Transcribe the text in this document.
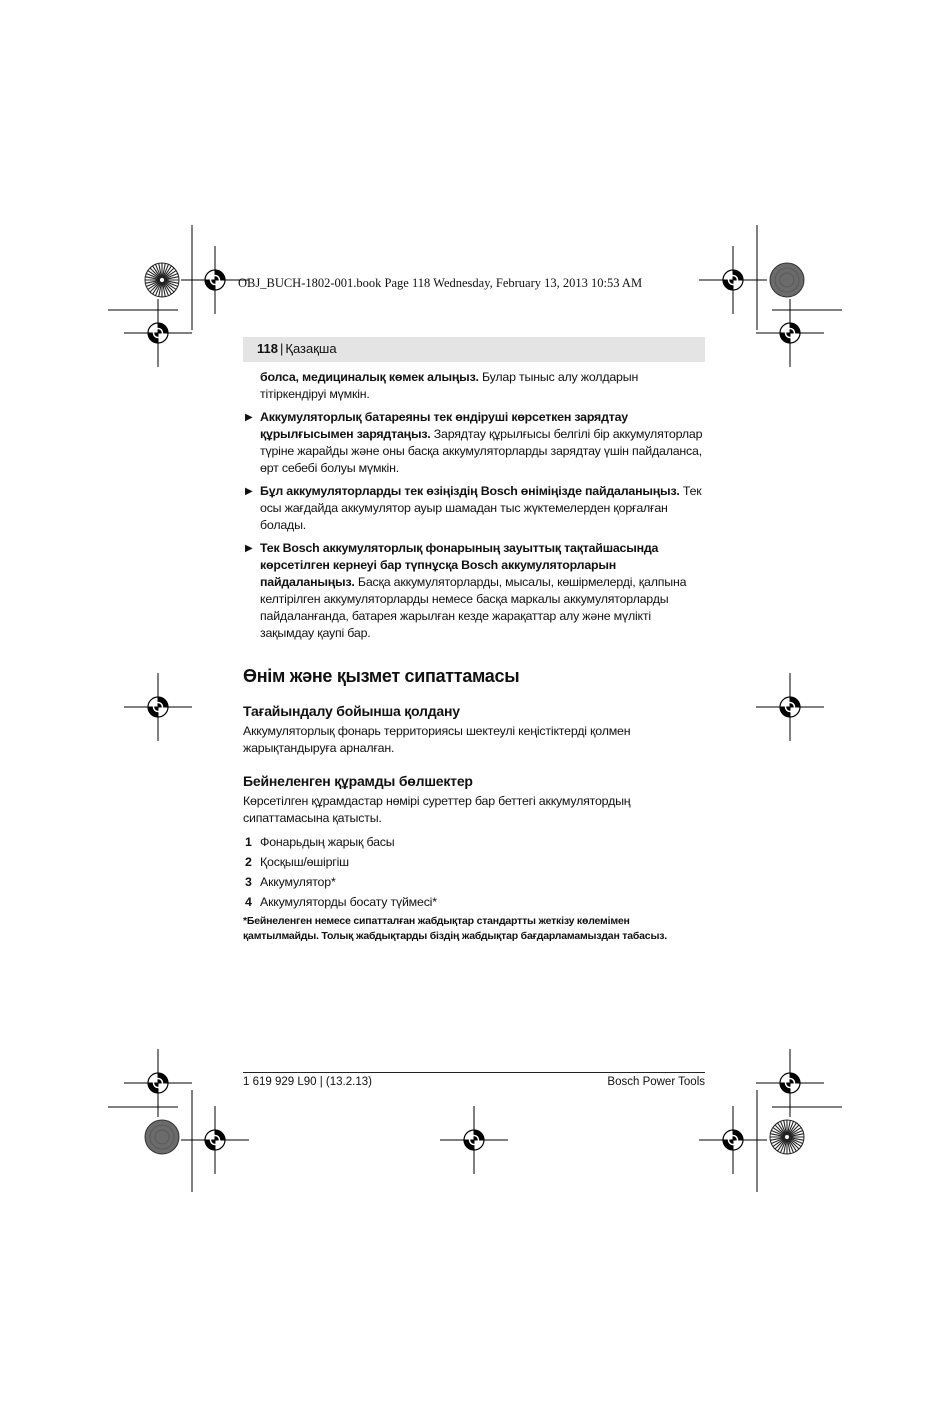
OBJ_BUCH-1802-001.book Page 118 Wednesday, February 13, 2013 10:53 AM
118 | Қазақша

болса, медициналық көмек алыңыз. Булар тыныс алу жолдарын тітіркендіруі мүмкін.

▶ Аккумуляторлық батареяны тек өндіруші көрсеткен зарядтау құрылғысымен зарядтаңыз. Зарядтау құрылғысы белгілі бір аккумуляторлар түріне жарайды және оны басқа аккумуляторларды зарядтау үшін пайдаланса, өрт себебі болуы мүмкін.

▶ Бұл аккумуляторларды тек өзіңіздің Bosch өніміңізде пайдаланыңыз. Тек осы жағдайда аккумулятор ауыр шамадан тыс жүктемелерден қорғалған болады.

▶ Тек Bosch аккумуляторлық фонарының зауыттық тақтайшасында көрсетілген кернеуі бар түпнұсқа Bosch аккумуляторларын пайдаланыңыз. Басқа аккумуляторларды, мысалы, көшірмелерді, қалпына келтірілген аккумуляторларды немесе басқа маркалы аккумуляторларды пайдаланғанда, батарея жарылған кезде жарақаттар алу және мүлікті зақымдау қаупі бар.

Өнім және қызмет сипаттамасы
Тағайындалу бойынша қолдану

Аккумуляторлық фонарь территориясы шектеулі кеңістіктерді қолмен жарықтандыруға арналған.

Бейнеленген құрамды бөлшектер

Көрсетілген құрамдастар нөмірі суреттер бар беттегі аккумулятордың сипаттамасына қатысты.

1 Фонарьдың жарық басы
2 Қосқыш/өшіргіш
3 Аккумулятор*
4 Аккумуляторды босату түймесі*

*Бейнеленген немесе сипатталған жабдықтар стандартты жеткізу көлемімен қамтылмайды. Толық жабдықтарды біздің жабдықтар бағдарламамыздан табасыз.

1 619 929 L90 | (13.2.13)	Bosch Power Tools
